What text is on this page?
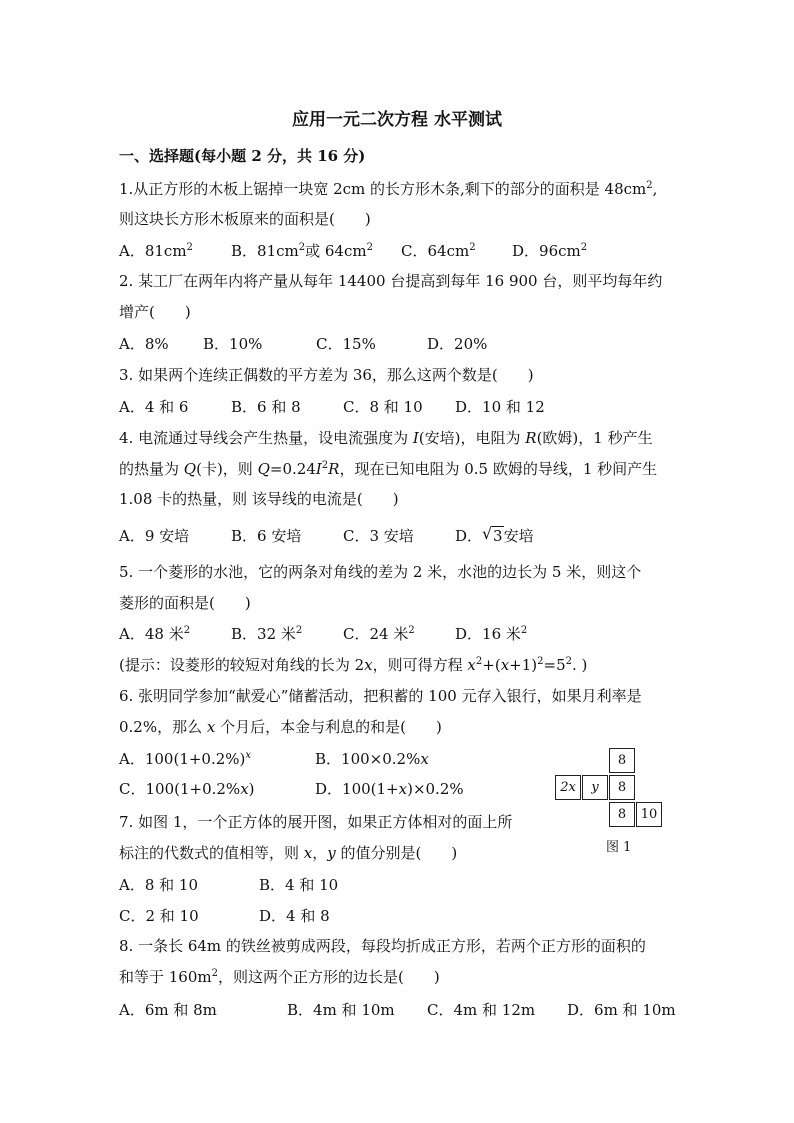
应用一元二次方程 水平测试
一、选择题(每小题 2 分，共 16 分)
1.从正方形的木板上锯掉一块宽 2cm 的长方形木条,剩下的部分的面积是 $48cm^2$,
则这块长方形木板原来的面积是(　　)
A．$81cm^2$	B．$81cm^2$或 $64cm^2$ C．$64cm^2$ D．$96cm^2$
2. 某工厂在两年内将产量从每年 14400 台提高到每年 16 900 台，则平均每年约
增产(　　)
A．8% B．10%	C．15%	D．20%
3. 如果两个连续正偶数的平方差为 36，那么这两个数是(　　)
A．4 和 6	B．6 和 8	C．8 和 10 D．10 和 12
4. 电流通过导线会产生热量，设电流强度为 I(安培)，电阻为 R(欧姆)，1 秒产生
的热量为 Q(卡)，则 $Q=0.24I^2R$，现在已知电阻为 0.5 欧姆的导线，1 秒间产生
1.08 卡的热量，则 该导线的电流是(　　)
A．9 安培	B．6 安培	C．3 安培	D． √ 3安培
5. 一个菱形的水池，它的两条对角线的差为 2 米，水池的边长为 5 米，则这个
菱形的面积是(　　)
A．48 米$^2$	B．32 米$^2$	C．24 米$^2$	D．16 米$^2$
(提示：设菱形的较短对角线的长为 2x，则可得方程 $x^2+(x+1)^2=5^2$. )
6. 张明同学参加“献爱心”储蓄活动，把积蓄的 100 元存入银行，如果月利率是
0.2%，那么 x 个月后，本金与利息的和是(　　)
A．$100(1+0.2\%)^x$	B．100×0.2%x
C．100(1+0.2%x)	D．100(1+x)×0.2%
7. 如图 1，一个正方体的展开图，如果正方体相对的面上所
标注的代数式的值相等，则 x，y 的值分别是(　　)
A．8 和 10	B．4 和 10
C．2 和 10	D．4 和 8
8
2x	y	8
8	10
图 1
8. 一条长 64m 的铁丝被剪成两段，每段均折成正方形，若两个正方形的面积的
和等于 $160m^2$，则这两个正方形的边长是(　　)
A．6m 和 8m	B．4m 和 10m C．4m 和 12m D．6m 和 10m
